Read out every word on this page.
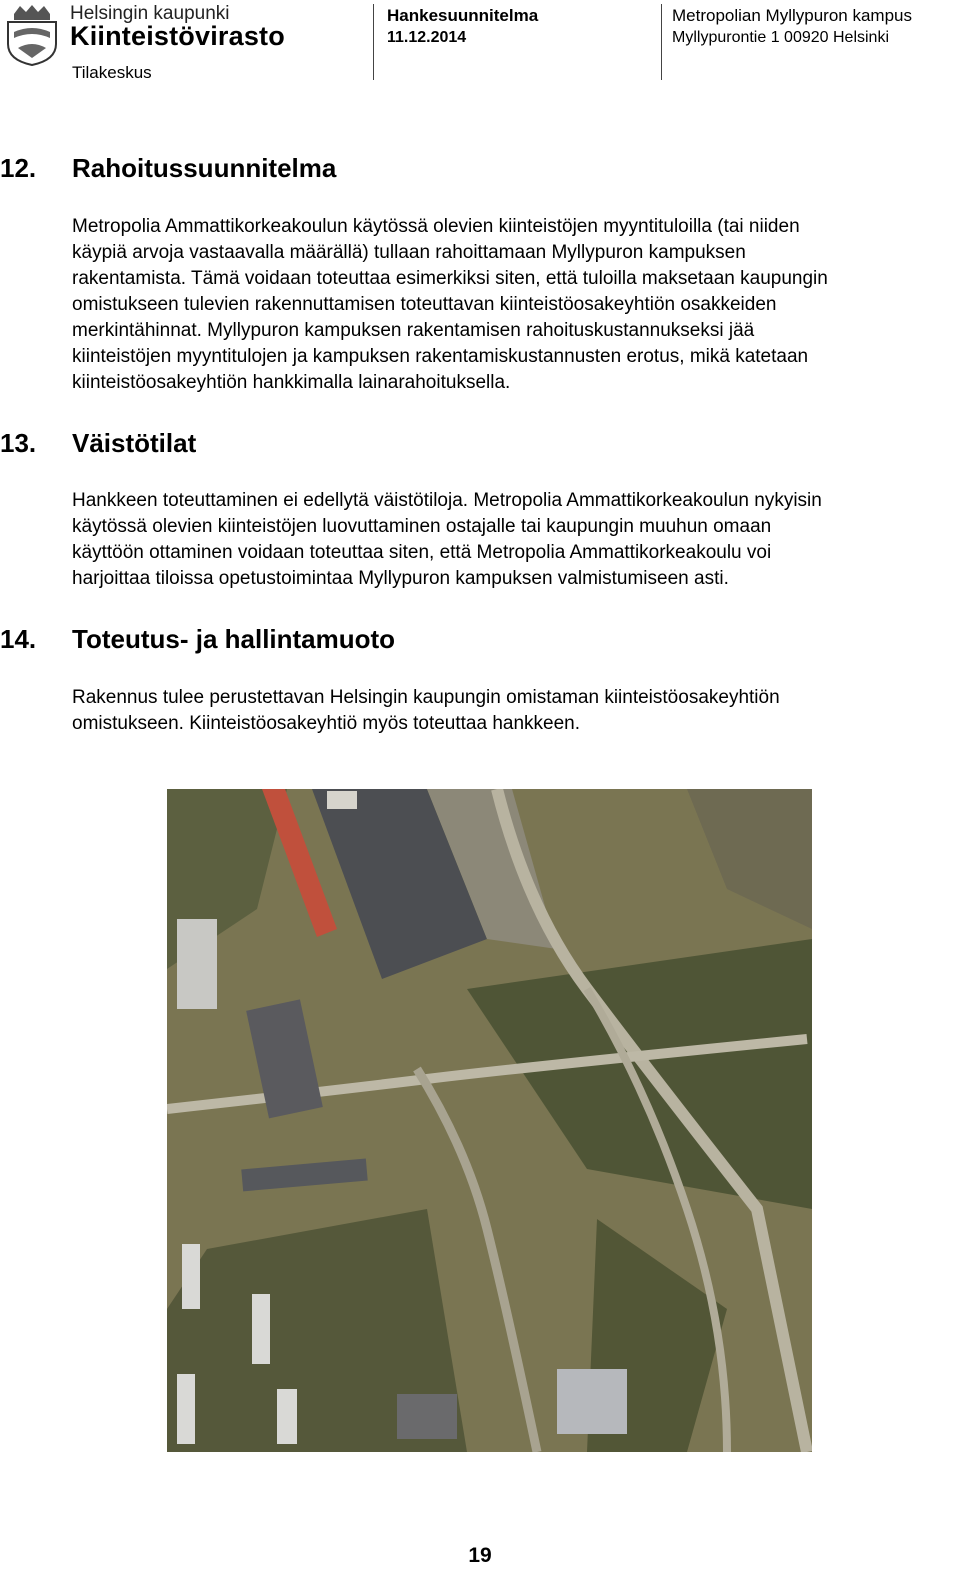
Helsingin kaupunki
Kiinteistövirasto
Tilakeskus
Hankesuunnitelma
11.12.2014
Metropolian Myllypuron kampus
Myllypurontie 1 00920 Helsinki
12. Rahoitussuunnitelma

Metropolia Ammattikorkeakoulun käytössä olevien kiinteistöjen myyntituloilla (tai niiden

käypiä arvoja vastaavalla määrällä) tullaan rahoittamaan Myllypuron kampuksen

rakentamista. Tämä voidaan toteuttaa esimerkiksi siten, että tuloilla maksetaan kaupungin

omistukseen tulevien rakennuttamisen toteuttavan kiinteistöosakeyhtiön osakkeiden

merkintähinnat. Myllypuron kampuksen rakentamisen rahoituskustannukseksi jää

kiinteistöjen myyntitulojen ja kampuksen rakentamiskustannusten erotus, mikä katetaan

kiinteistöosakeyhtiön hankkimalla lainarahoituksella.

13. Väistötilat

Hankkeen toteuttaminen ei edellytä väistötiloja. Metropolia Ammattikorkeakoulun nykyisin

käytössä olevien kiinteistöjen luovuttaminen ostajalle tai kaupungin muuhun omaan

käyttöön ottaminen voidaan toteuttaa siten, että Metropolia Ammattikorkeakoulu voi

harjoittaa tiloissa opetustoimintaa Myllypuron kampuksen valmistumiseen asti.

14. Toteutus- ja hallintamuoto

Rakennus tulee perustettavan Helsingin kaupungin omistaman kiinteistöosakeyhtiön

omistukseen. Kiinteistöosakeyhtiö myös toteuttaa hankkeen.

19
